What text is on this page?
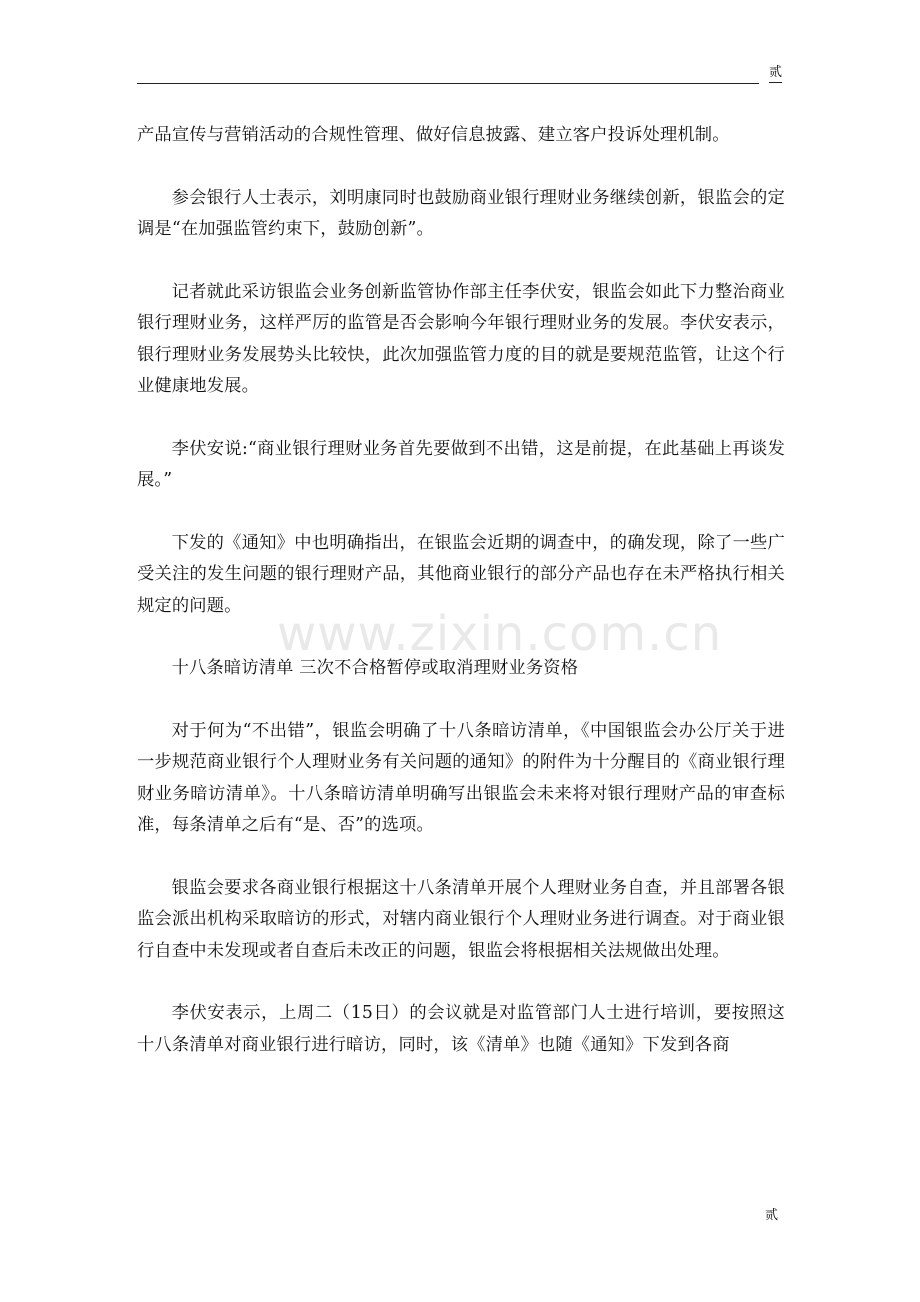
贰

产品宣传与营销活动的合规性管理、做好信息披露、建立客户投诉处理机制。

参会银行人士表示，刘明康同时也鼓励商业银行理财业务继续创新，银监会的定调是“在加强监管约束下，鼓励创新”。

记者就此采访银监会业务创新监管协作部主任李伏安，银监会如此下力整治商业银行理财业务，这样严厉的监管是否会影响今年银行理财业务的发展。李伏安表示，银行理财业务发展势头比较快，此次加强监管力度的目的就是要规范监管，让这个行业健康地发展。

李伏安说:“商业银行理财业务首先要做到不出错，这是前提，在此基础上再谈发展。”

下发的《通知》中也明确指出，在银监会近期的调查中，的确发现，除了一些广受关注的发生问题的银行理财产品，其他商业银行的部分产品也存在未严格执行相关规定的问题。

十八条暗访清单 三次不合格暂停或取消理财业务资格

对于何为“不出错”，银监会明确了十八条暗访清单，《中国银监会办公厅关于进一步规范商业银行个人理财业务有关问题的通知》的附件为十分醒目的《商业银行理财业务暗访清单》。十八条暗访清单明确写出银监会未来将对银行理财产品的审查标准，每条清单之后有“是、否”的选项。

银监会要求各商业银行根据这十八条清单开展个人理财业务自查，并且部署各银监会派出机构采取暗访的形式，对辖内商业银行个人理财业务进行调查。对于商业银行自查中未发现或者自查后未改正的问题，银监会将根据相关法规做出处理。

李伏安表示，上周二（15日）的会议就是对监管部门人士进行培训，要按照这十八条清单对商业银行进行暗访，同时，该《清单》也随《通知》下发到各商

www.zixin.com.cn
贰
